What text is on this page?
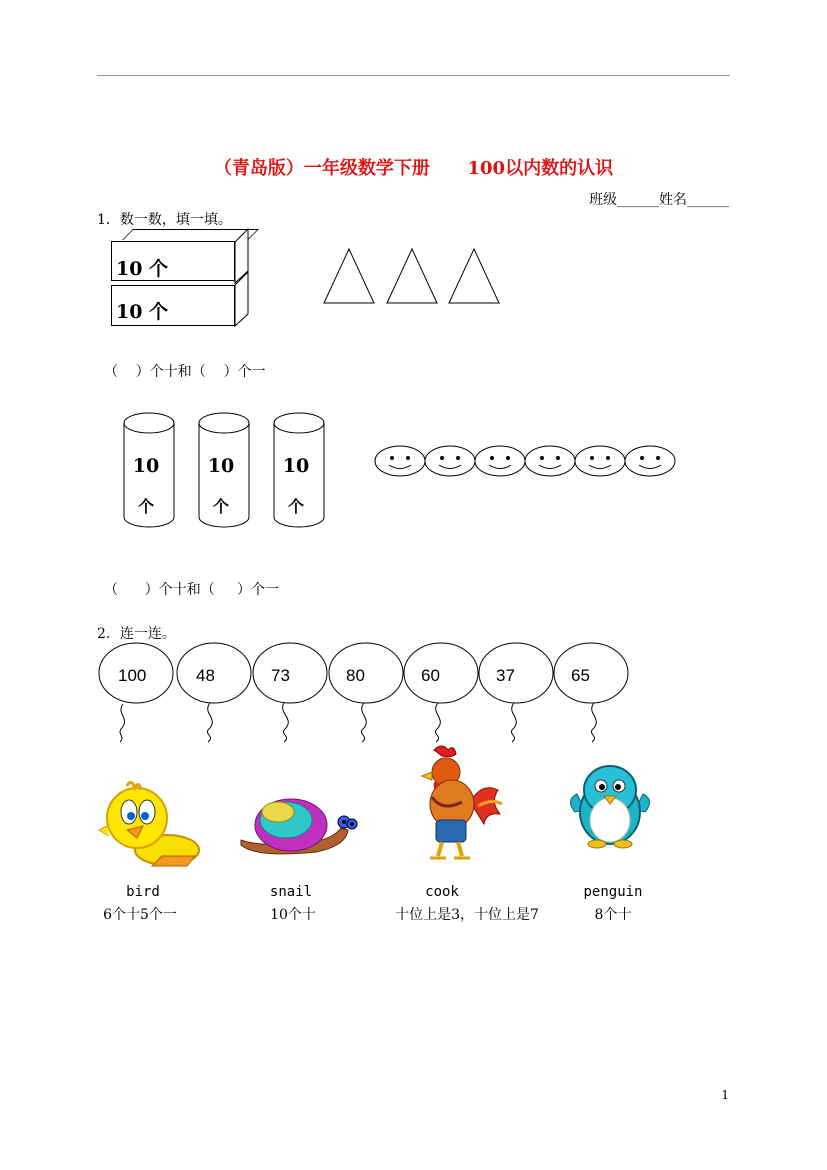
（青岛版）一年级数学下册      100以内数的认识
班级______姓名______
1．数一数，填一填。
10 个
10 个
（    ）个十和（    ）个一
10
个
10
个
10
个
（      ）个十和（     ）个一
2．连一连。
100	48	73	80	60	37	65
bird
6个十5个一
snail
10个十
cook
十位上是3，十位上是7
penguin
8个十
1
